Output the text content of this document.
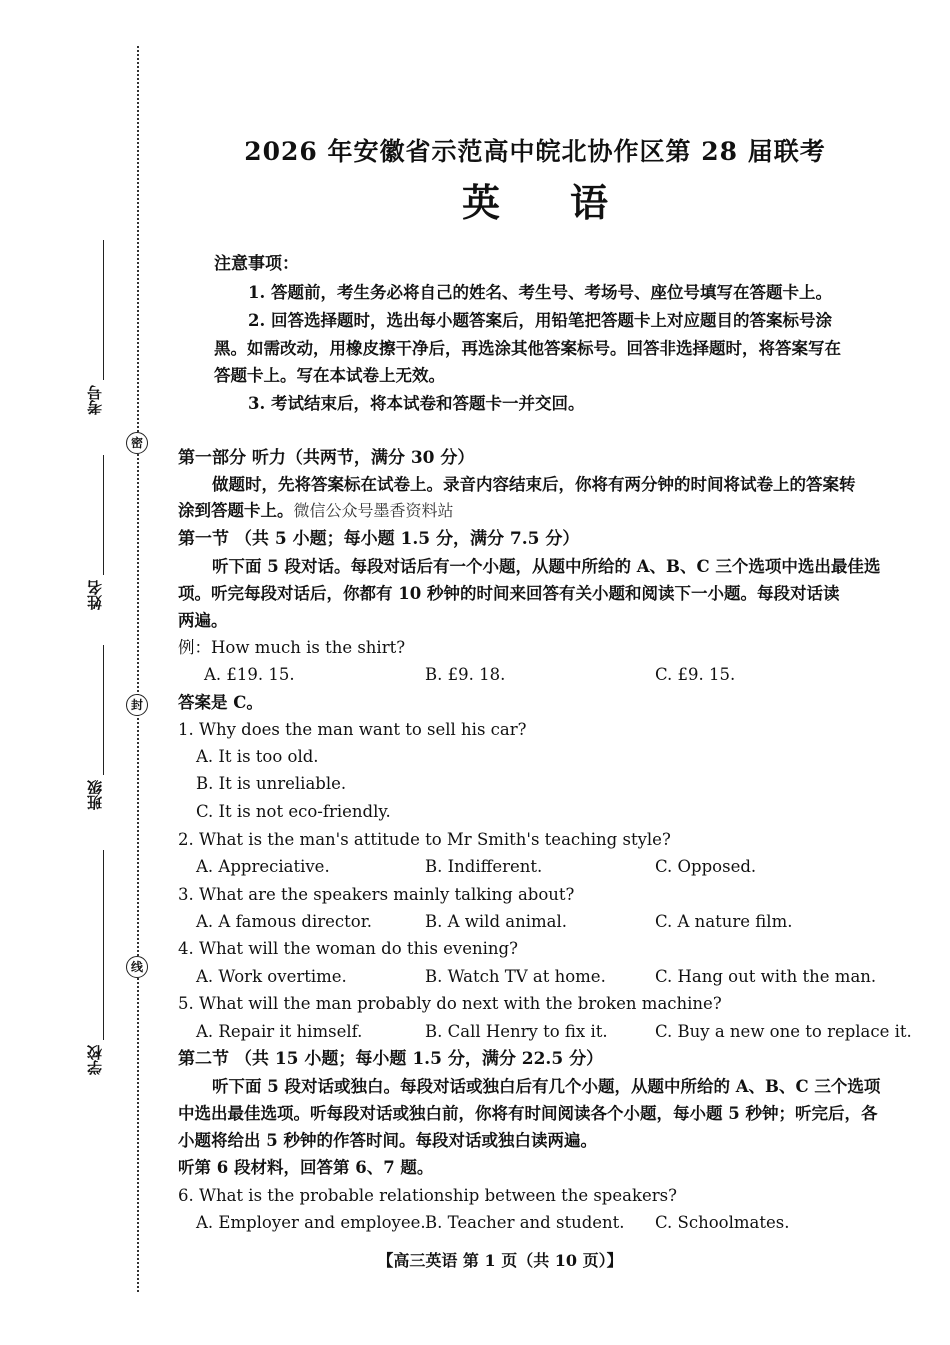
密
封
线
考号
姓名
班级
学校
2026 年安徽省示范高中皖北协作区第 28 届联考
英语
注意事项：
1. 答题前，考生务必将自己的姓名、考生号、考场号、座位号填写在答题卡上。
2. 回答选择题时，选出每小题答案后，用铅笔把答题卡上对应题目的答案标号涂
黑。如需改动，用橡皮擦干净后，再选涂其他答案标号。回答非选择题时，将答案写在
答题卡上。写在本试卷上无效。
3. 考试结束后，将本试卷和答题卡一并交回。
第一部分 听力（共两节，满分 30 分）
做题时，先将答案标在试卷上。录音内容结束后，你将有两分钟的时间将试卷上的答案转
涂到答题卡上。微信公众号墨香资料站
第一节 （共 5 小题；每小题 1.5 分，满分 7.5 分）
听下面 5 段对话。每段对话后有一个小题，从题中所给的 A、B、C 三个选项中选出最佳选
项。听完每段对话后，你都有 10 秒钟的时间来回答有关小题和阅读下一小题。每段对话读
两遍。
例：How much is the shirt?
A. £19. 15.	B. £9. 18.	C. £9. 15.
答案是 C。
1. Why does the man want to sell his car?
A. It is too old.
B. It is unreliable.
C. It is not eco-friendly.
2. What is the man's attitude to Mr Smith's teaching style?
A. Appreciative.	B. Indifferent.	C. Opposed.
3. What are the speakers mainly talking about?
A. A famous director.	B. A wild animal.	C. A nature film.
4. What will the woman do this evening?
A. Work overtime.	B. Watch TV at home.	C. Hang out with the man.
5. What will the man probably do next with the broken machine?
A. Repair it himself.	B. Call Henry to fix it.	C. Buy a new one to replace it.
第二节 （共 15 小题；每小题 1.5 分，满分 22.5 分）
听下面 5 段对话或独白。每段对话或独白后有几个小题，从题中所给的 A、B、C 三个选项
中选出最佳选项。听每段对话或独白前，你将有时间阅读各个小题，每小题 5 秒钟；听完后，各
小题将给出 5 秒钟的作答时间。每段对话或独白读两遍。
听第 6 段材料，回答第 6、7 题。
6. What is the probable relationship between the speakers?
A. Employer and employee. B. Teacher and student. C. Schoolmates.
【高三英语 第 1 页（共 10 页）】
